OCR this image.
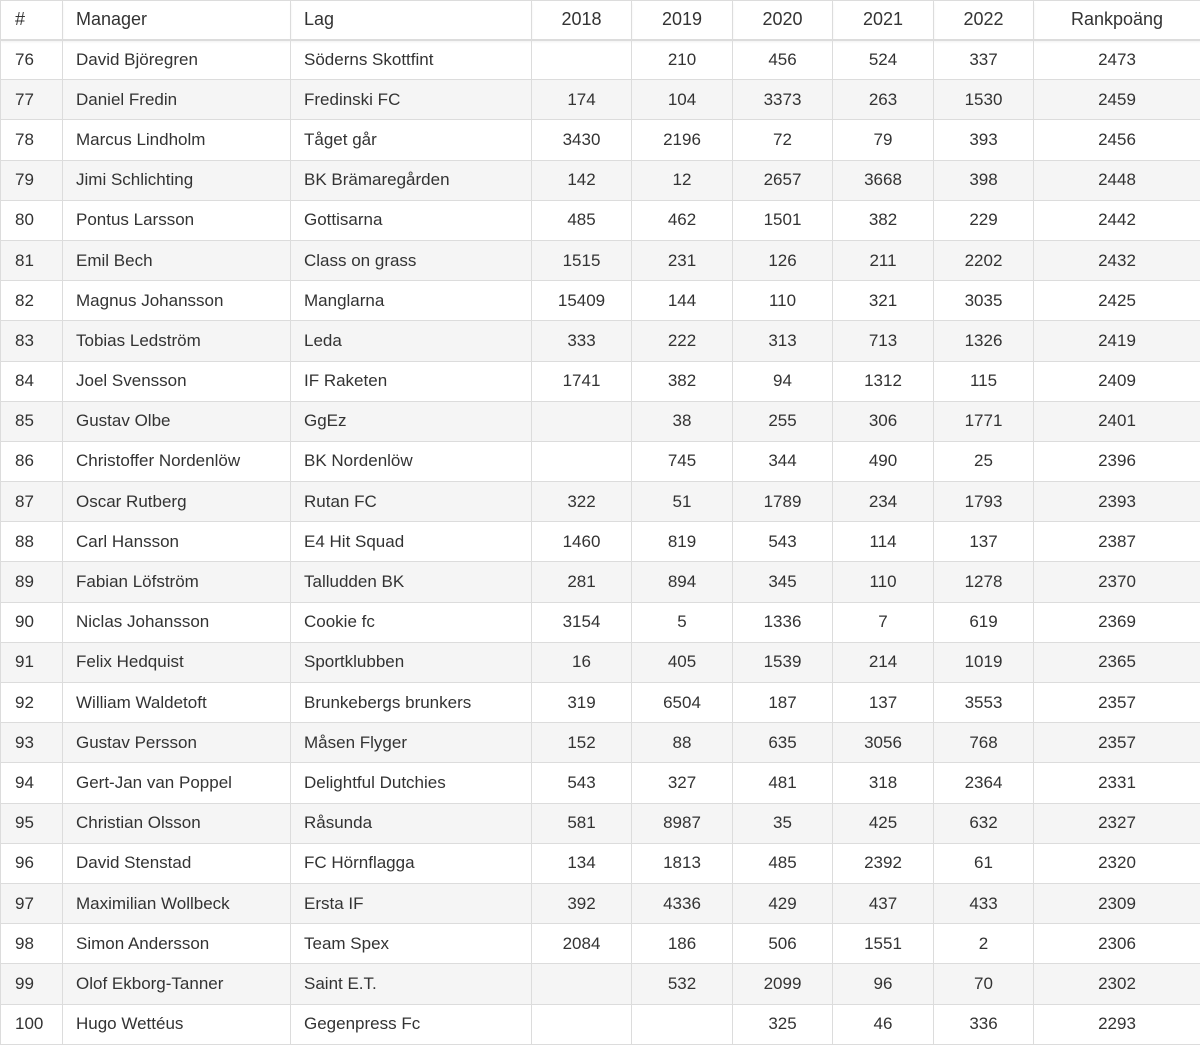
#	Manager	Lag	2018	2019	2020	2021	2022	Rankpoäng
76	David Björegren	Söderns Skottfint		210	456	524	337	2473
77	Daniel Fredin	Fredinski FC	174	104	3373	263	1530	2459
78	Marcus Lindholm	Tåget går	3430	2196	72	79	393	2456
79	Jimi Schlichting	BK Brämaregården	142	12	2657	3668	398	2448
80	Pontus Larsson	Gottisarna	485	462	1501	382	229	2442
81	Emil Bech	Class on grass	1515	231	126	211	2202	2432
82	Magnus Johansson	Manglarna	15409	144	110	321	3035	2425
83	Tobias Ledström	Leda	333	222	313	713	1326	2419
84	Joel Svensson	IF Raketen	1741	382	94	1312	115	2409
85	Gustav Olbe	GgEz		38	255	306	1771	2401
86	Christoffer Nordenlöw	BK Nordenlöw		745	344	490	25	2396
87	Oscar Rutberg	Rutan FC	322	51	1789	234	1793	2393
88	Carl Hansson	E4 Hit Squad	1460	819	543	114	137	2387
89	Fabian Löfström	Talludden BK	281	894	345	110	1278	2370
90	Niclas Johansson	Cookie fc	3154	5	1336	7	619	2369
91	Felix Hedquist	Sportklubben	16	405	1539	214	1019	2365
92	William Waldetoft	Brunkebergs brunkers	319	6504	187	137	3553	2357
93	Gustav Persson	Måsen Flyger	152	88	635	3056	768	2357
94	Gert-Jan van Poppel	Delightful Dutchies	543	327	481	318	2364	2331
95	Christian Olsson	Råsunda	581	8987	35	425	632	2327
96	David Stenstad	FC Hörnflagga	134	1813	485	2392	61	2320
97	Maximilian Wollbeck	Ersta IF	392	4336	429	437	433	2309
98	Simon Andersson	Team Spex	2084	186	506	1551	2	2306
99	Olof Ekborg-Tanner	Saint E.T.		532	2099	96	70	2302
100	Hugo Wettéus	Gegenpress Fc			325	46	336	2293
